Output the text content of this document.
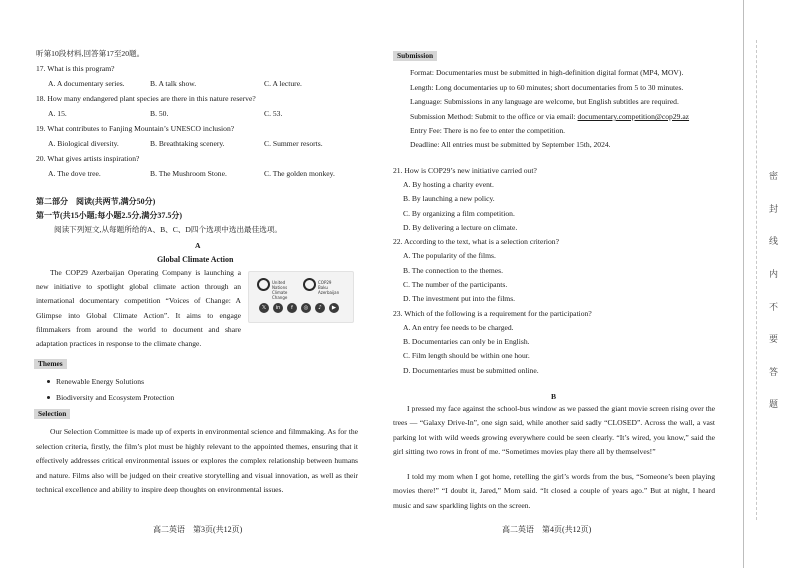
听第10段材料,回答第17至20题。
17. What is this program?
A. A documentary series.	B. A talk show.	C. A lecture.
18. How many endangered plant species are there in this nature reserve?
A. 15.	B. 50.	C. 53.
19. What contributes to Fanjing Mountain’s UNESCO inclusion?
A. Biological diversity.	B. Breathtaking scenery.	C. Summer resorts.
20. What gives artists inspiration?
A. The dove tree.	B. The Mushroom Stone.	C. The golden monkey.
第二部分　阅读(共两节,满分50分)
第一节(共15小题;每小题2.5分,满分37.5分)
阅读下列短文,从每题所给的A、B、C、D四个选项中选出最佳选项。
A
Global Climate Action
The COP29 Azerbaijan Operating Company is launching a new initiative to spotlight global climate action through an international documentary competition “Voices of Change: A Glimpse into Global Climate Action”. It aims to engage filmmakers from around the world to document and share adaptation practices in response to the climate change.
United Nations Climate Change
COP29 Baku Azerbaijan
𝕏	in	f	◎	♪	▶
Themes
Renewable Energy Solutions
Biodiversity and Ecosystem Protection
Selection
Our Selection Committee is made up of experts in environmental science and filmmaking. As for the selection criteria, firstly, the film’s plot must be highly relevant to the appointed themes, ensuring that it effectively addresses critical environmental issues or explores the complex relationship between humans and nature. Films also will be judged on their creative storytelling and visual innovation, as well as their technical excellence and ability to inspire deep thoughts on environmental issues.
高二英语　第3页(共12页)
Submission
Format: Documentaries must be submitted in high-definition digital format (MP4, MOV).
Length: Long documentaries up to 60 minutes; short documentaries from 5 to 30 minutes.
Language: Submissions in any language are welcome, but English subtitles are required.
Submission Method: Submit to the office or via email: documentary.competition@cop29.az
Entry Fee: There is no fee to enter the competition.
Deadline: All entries must be submitted by September 15th, 2024.
21. How is COP29’s new initiative carried out?
A. By hosting a charity event.
B. By launching a new policy.
C. By organizing a film competition.
D. By delivering a lecture on climate.
22. According to the text, what is a selection criterion?
A. The popularity of the films.
B. The connection to the themes.
C. The number of the participants.
D. The investment put into the films.
23. Which of the following is a requirement for the participation?
A. An entry fee needs to be charged.
B. Documentaries can only be in English.
C. Film length should be within one hour.
D. Documentaries must be submitted online.
B
I pressed my face against the school-bus window as we passed the giant movie screen rising over the trees — “Galaxy Drive-In”, one sign said, while another said sadly “CLOSED”. Across the wall, a vast parking lot with wild weeds growing everywhere could be seen clearly. “It’s wired, you know,” said the girl sitting two rows in front of me. “Sometimes movies play there all by themselves!”
I told my mom when I got home, retelling the girl’s words from the bus, “Someone’s been playing movies there!” “I doubt it, Jared,” Mom said. “It closed a couple of years ago.” But at night, I heard music and saw sparkling lights on the screen.
高二英语　第4页(共12页)
密
封
线
内
不
要
答
题
